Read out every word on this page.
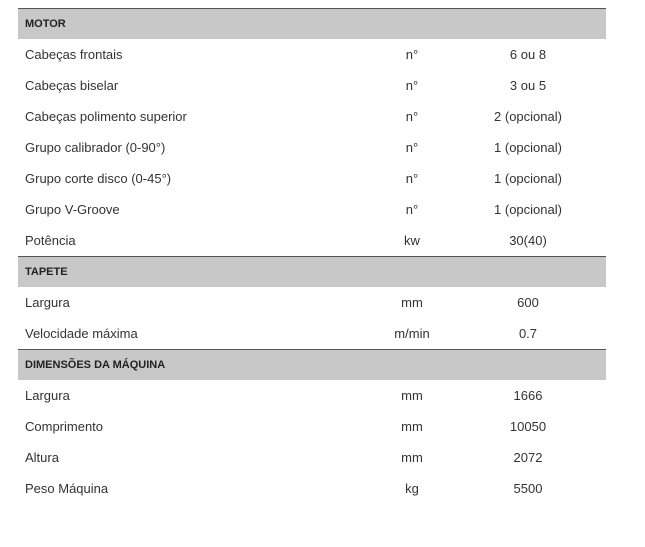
MOTOR
Cabeças frontais	n°	6 ou 8
Cabeças biselar	n°	3 ou 5
Cabeças polimento superior	n°	2 (opcional)
Grupo calibrador (0-90°)	n°	1 (opcional)
Grupo corte disco (0-45°)	n°	1 (opcional)
Grupo V-Groove	n°	1 (opcional)
Potência	kw	30(40)
TAPETE
Largura	mm	600
Velocidade máxima	m/min	0.7
DIMENSÕES DA MÁQUINA
Largura	mm	1666
Comprimento	mm	10050
Altura	mm	2072
Peso Máquina	kg	5500
